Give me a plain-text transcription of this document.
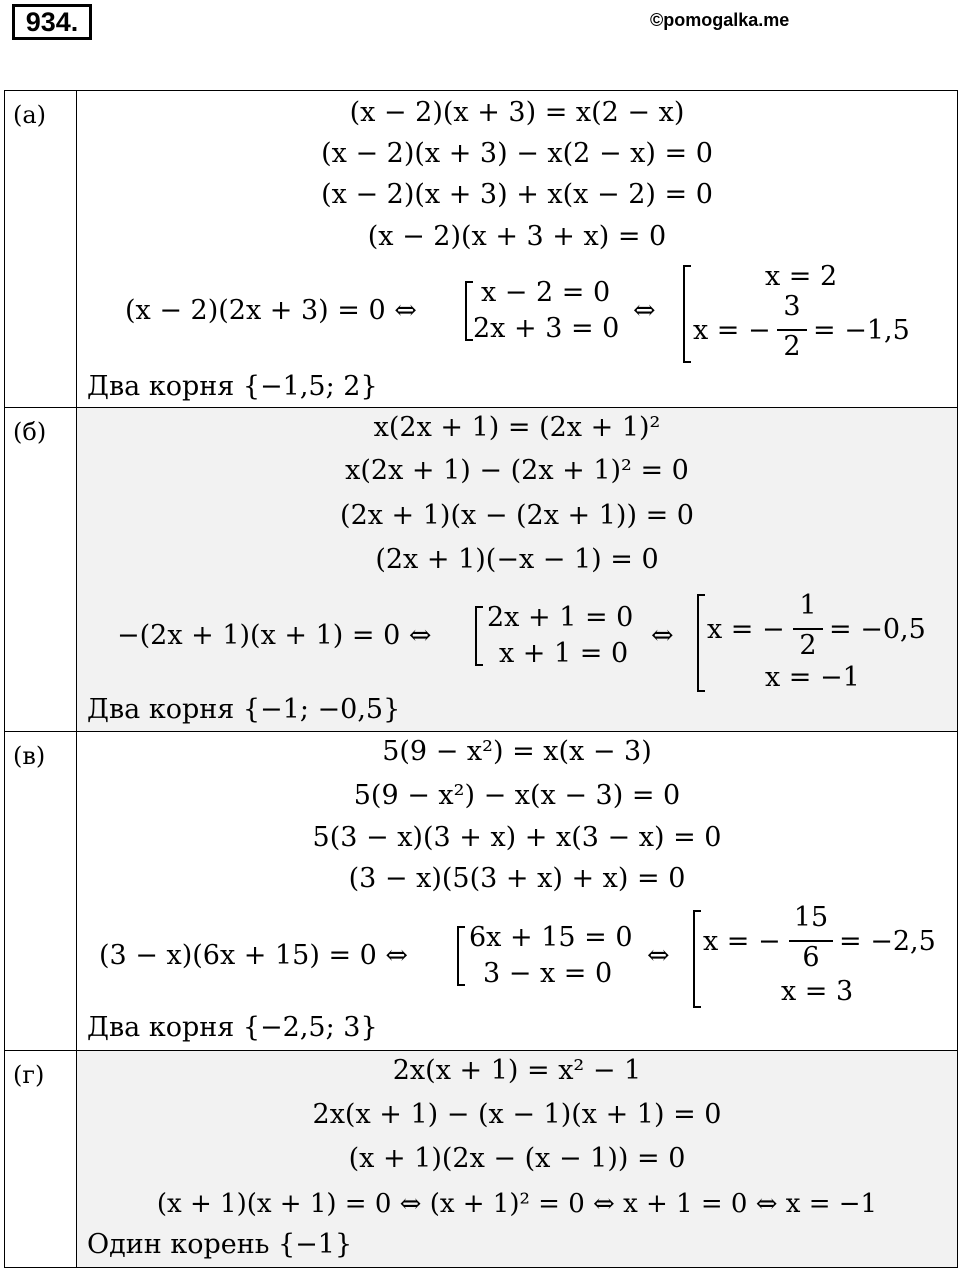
934.	©pomogalka.me
(а)	(x − 2)(x + 3) = x(2 − x)
(x − 2)(x + 3) − x(2 − x) = 0
(x − 2)(x + 3) + x(x − 2) = 0
(x − 2)(x + 3 + x) = 0
(x − 2)(2x + 3) = 0 ⇔
x − 2 = 0
2x + 3 = 0
⇔
x = 2
x = −
3
2
= −1,5
Два корня {−1,5; 2}
(б)	x(2x + 1) = (2x + 1)²
x(2x + 1) − (2x + 1)² = 0
(2x + 1)(x − (2x + 1)) = 0
(2x + 1)(−x − 1) = 0
−(2x + 1)(x + 1) = 0 ⇔
2x + 1 = 0
x + 1 = 0
⇔ x = −
1
2
= −0,5
x = −1
Два корня {−1; −0,5}
(в)	5(9 − x²) = x(x − 3)
5(9 − x²) − x(x − 3) = 0
5(3 − x)(3 + x) + x(3 − x) = 0
(3 − x)(5(3 + x) + x) = 0
(3 − x)(6x + 15) = 0 ⇔
6x + 15 = 0
3 − x = 0
⇔ x = −
15
6
= −2,5
x = 3
Два корня {−2,5; 3}
(г)	2x(x + 1) = x² − 1
2x(x + 1) − (x − 1)(x + 1) = 0
(x + 1)(2x − (x − 1)) = 0
(x + 1)(x + 1) = 0 ⇔ (x + 1)² = 0 ⇔ x + 1 = 0 ⇔ x = −1
Один корень {−1}
